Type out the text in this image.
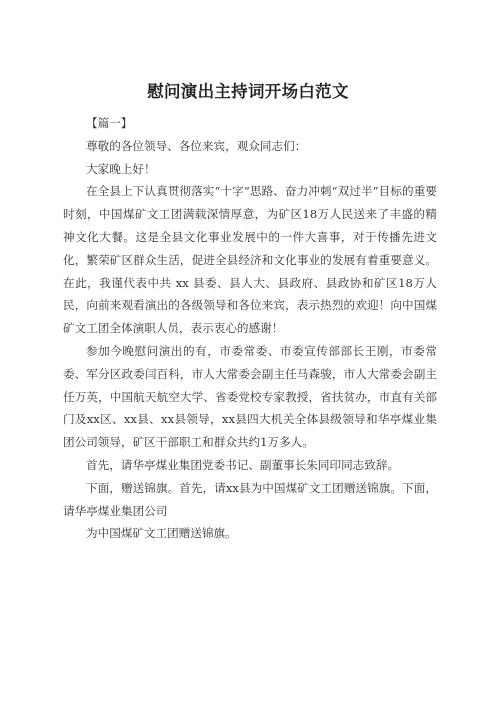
慰问演出主持词开场白范文

【篇一】

尊敬的各位领导、各位来宾，观众同志们：

大家晚上好！

在全县上下认真贯彻落实“十字”思路、奋力冲刺“双过半”目标的重要时刻，中国煤矿文工团满载深情厚意，为矿区18万人民送来了丰盛的精神文化大餐。这是全县文化事业发展中的一件大喜事，对于传播先进文化，繁荣矿区群众生活，促进全县经济和文化事业的发展有着重要意义。在此，我谨代表中共 xx 县委、县人大、县政府、县政协和矿区18万人民，向前来观看演出的各级领导和各位来宾，表示热烈的欢迎！向中国煤矿文工团全体演职人员，表示衷心的感谢！

参加今晚慰问演出的有，市委常委、市委宣传部部长王刚，市委常委、军分区政委闫百科，市人大常委会副主任马森骏，市人大常委会副主任万英，中国航天航空大学、省委党校专家教授，省扶贫办，市直有关部门及xx区、xx县、xx县领导，xx县四大机关全体县级领导和华亭煤业集团公司领导，矿区干部职工和群众共约1万多人。

首先，请华亭煤业集团党委书记、副董事长朱同印同志致辞。

下面，赠送锦旗。首先，请xx县为中国煤矿文工团赠送锦旗。下面，请华亭煤业集团公司

为中国煤矿文工团赠送锦旗。
